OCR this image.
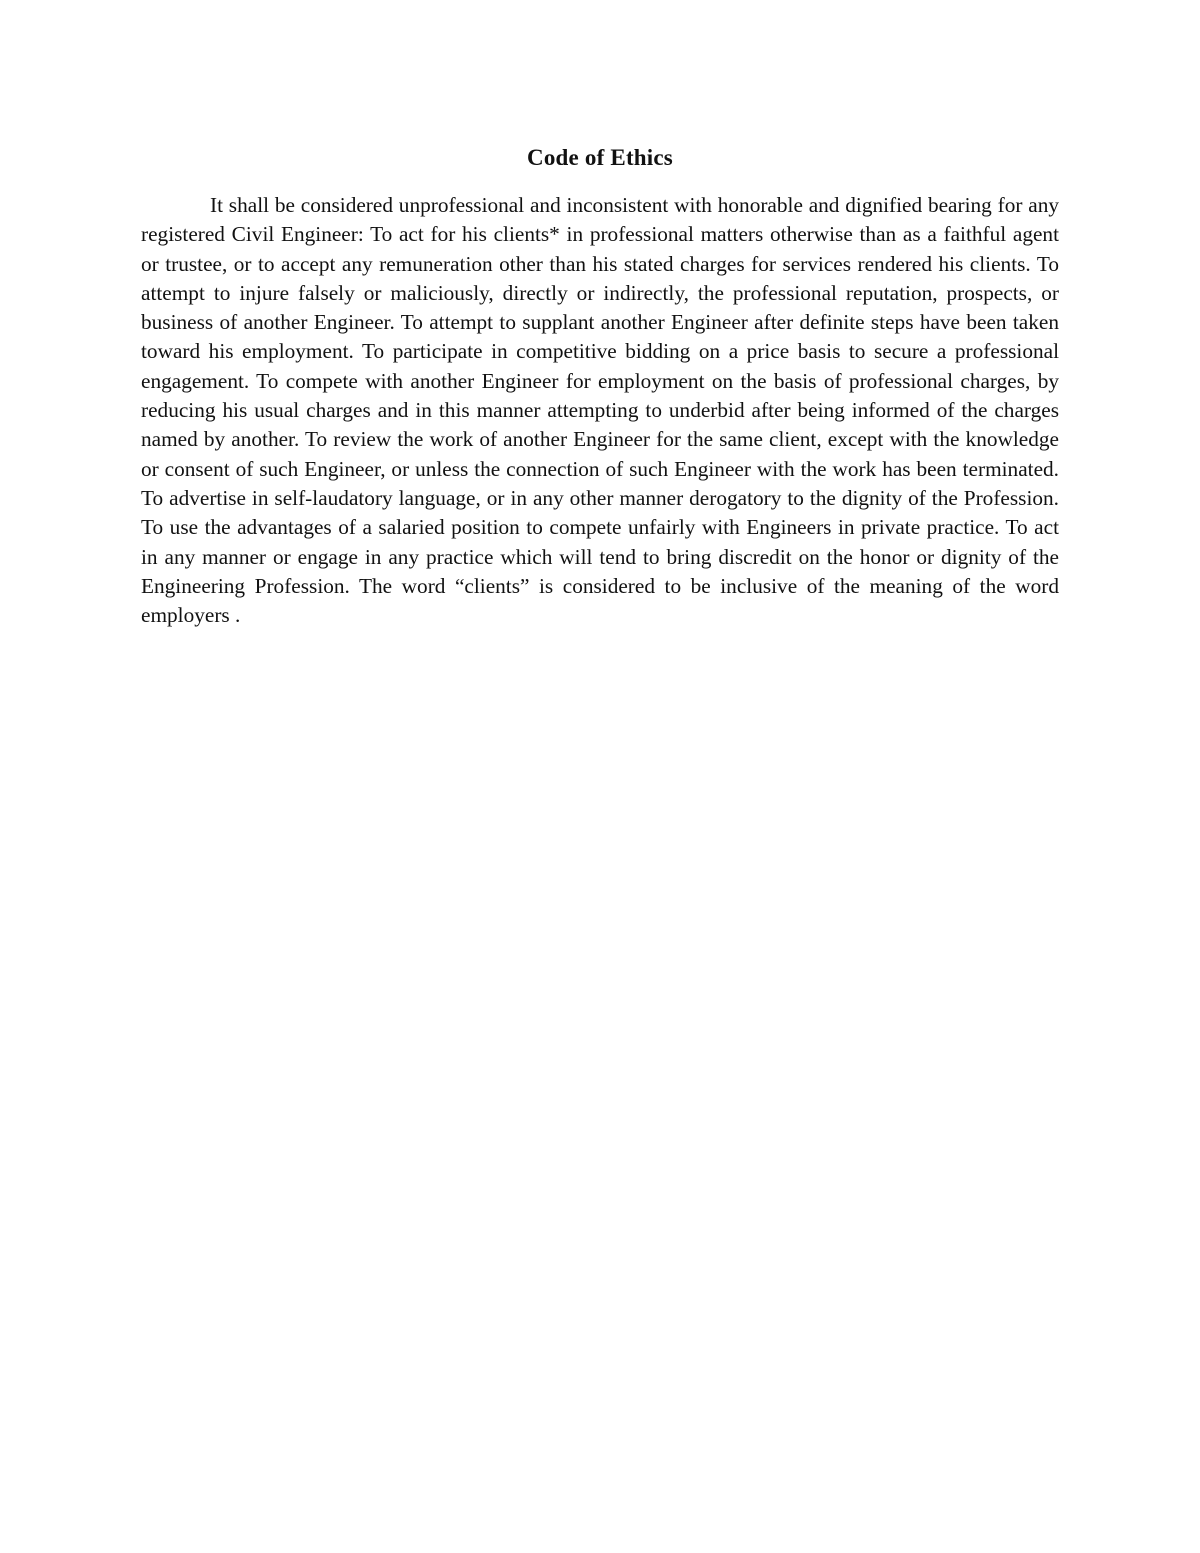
Code of Ethics

It shall be considered unprofessional and inconsistent with honorable and dignified bearing for any registered Civil Engineer: To act for his clients* in professional matters otherwise than as a faithful agent or trustee, or to accept any remuneration other than his stated charges for services rendered his clients. To attempt to injure falsely or maliciously, directly or indirectly, the professional reputation, prospects, or business of another Engineer. To attempt to supplant another Engineer after definite steps have been taken toward his employment. To participate in competitive bidding on a price basis to secure a professional engagement. To compete with another Engineer for employment on the basis of professional charges, by reducing his usual charges and in this manner attempting to underbid after being informed of the charges named by another. To review the work of another Engineer for the same client, except with the knowledge or consent of such Engineer, or unless the connection of such Engineer with the work has been terminated. To advertise in self-laudatory language, or in any other manner derogatory to the dignity of the Profession. To use the advantages of a salaried position to compete unfairly with Engineers in private practice. To act in any manner or engage in any practice which will tend to bring discredit on the honor or dignity of the Engineering Profession. The word “clients” is considered to be inclusive of the meaning of the word employers .
